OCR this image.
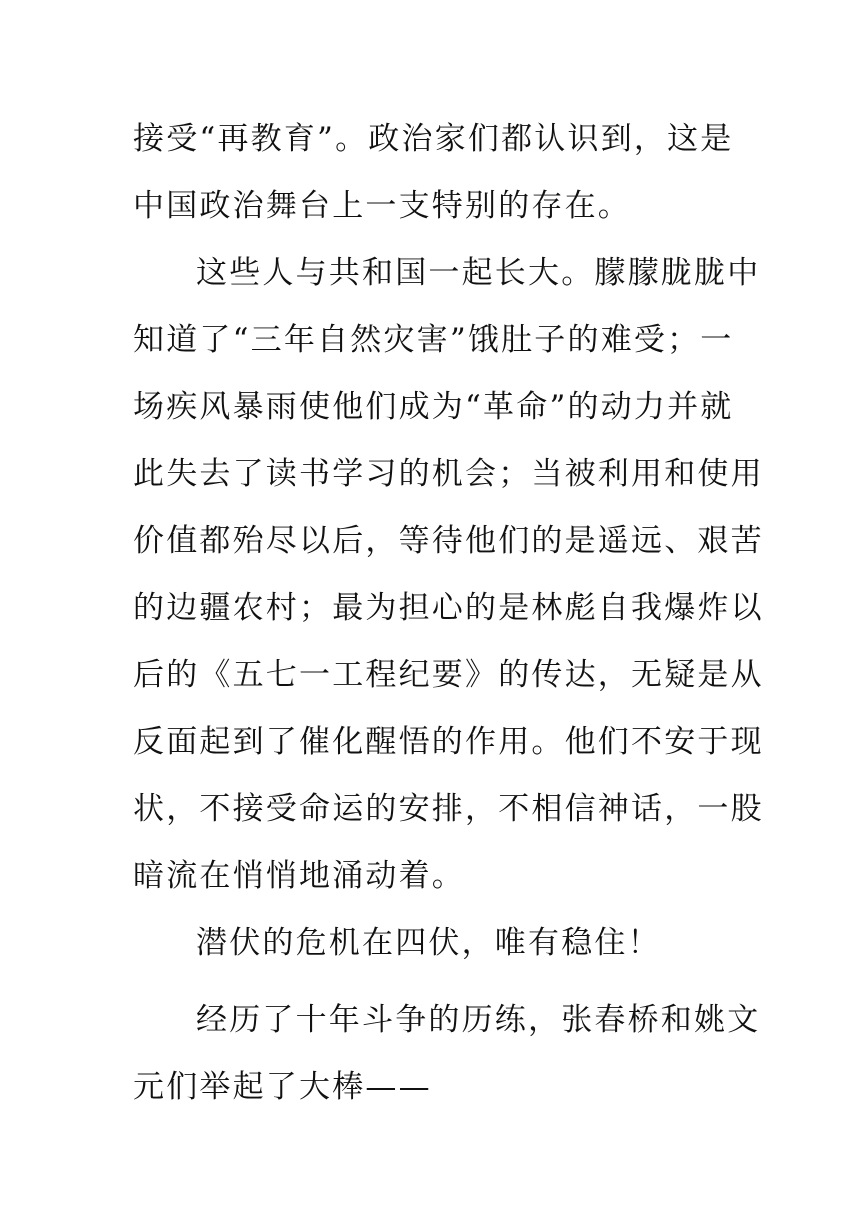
接受“再教育”。政治家们都认识到，这是
中国政治舞台上一支特别的存在。
这些人与共和国一起长大。朦朦胧胧中
知道了“三年自然灾害”饿肚子的难受；一
场疾风暴雨使他们成为“革命”的动力并就
此失去了读书学习的机会；当被利用和使用
价值都殆尽以后，等待他们的是遥远、艰苦
的边疆农村；最为担心的是林彪自我爆炸以
后的《五七一工程纪要》的传达，无疑是从
反面起到了催化醒悟的作用。他们不安于现
状，不接受命运的安排，不相信神话，一股
暗流在悄悄地涌动着。
潜伏的危机在四伏，唯有稳住！
经历了十年斗争的历练，张春桥和姚文
元们举起了大棒——
